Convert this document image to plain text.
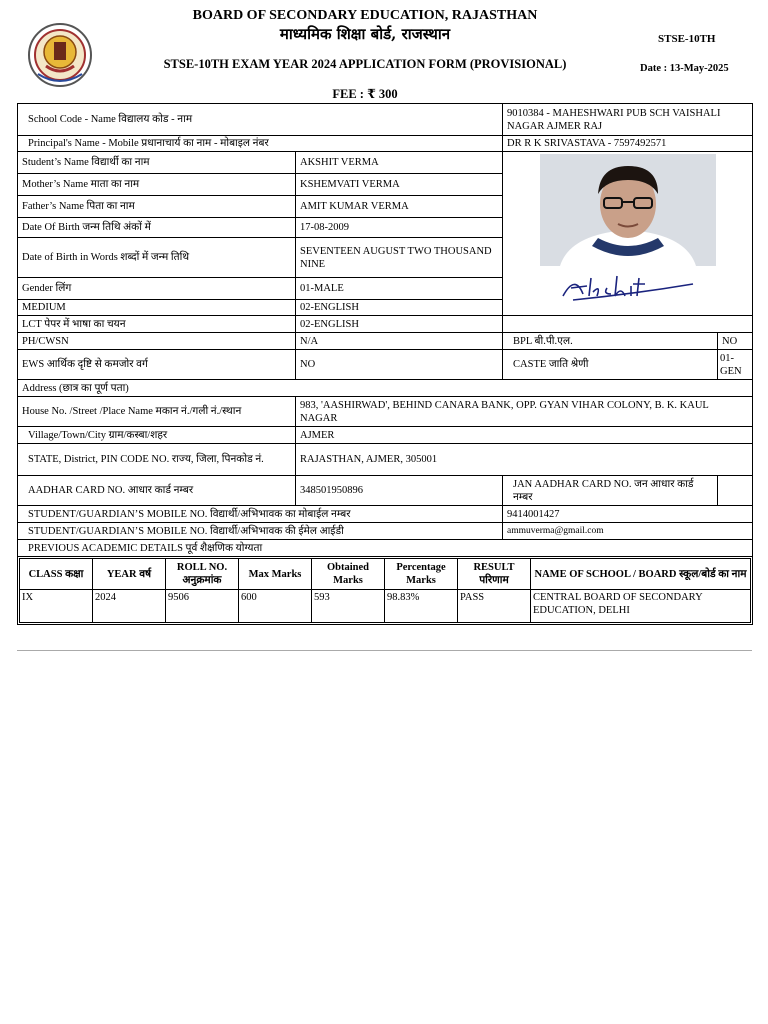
BOARD OF SECONDARY EDUCATION, RAJASTHAN
माध्यमिक शिक्षा बोर्ड, राजस्थान
STSE-10TH EXAM YEAR 2024 APPLICATION FORM (PROVISIONAL)
FEE : ₹ 300
STSE-10TH
Date : 13-May-2025
School Code - Name विद्यालय कोड - नाम	9010384 - MAHESHWARI PUB SCH VAISHALI NAGAR AJMER RAJ
Principal's Name - Mobile प्रधानाचार्य का नाम - मोबाइल नंबर	DR R K SRIVASTAVA - 7597492571
Student’s Name विद्यार्थी का नाम	AKSHIT VERMA	

Mother’s Name माता का नाम	KSHEMVATI VERMA
Father’s Name पिता का नाम	AMIT KUMAR VERMA
Date Of Birth जन्म तिथि अंकों में	17-08-2009
Date of Birth in Words शब्दों में जन्म तिथि	SEVENTEEN AUGUST TWO THOUSAND NINE
Gender लिंग	01-MALE
MEDIUM	02-ENGLISH
LCT पेपर में भाषा का चयन	02-ENGLISH	
PH/CWSN	N/A	BPL बी.पी.एल.	NO
EWS आर्थिक दृष्टि से कमजोर वर्ग	NO	CASTE जाति श्रेणी	01-GEN
Address (छात्र का पूर्ण पता)
House No. /Street /Place Name मकान नं./गली नं./स्थान	983, 'AASHIRWAD', BEHIND CANARA BANK, OPP. GYAN VIHAR COLONY, B. K. KAUL NAGAR
Village/Town/City ग्राम/कस्बा/शहर	AJMER
STATE, District, PIN CODE NO. राज्य, जिला, पिनकोड नं.	RAJASTHAN, AJMER, 305001
AADHAR CARD NO. आधार कार्ड नम्बर	348501950896	JAN AADHAR CARD NO. जन आधार कार्ड नम्बर	
STUDENT/GUARDIAN’S MOBILE NO. विद्यार्थी/अभिभावक का मोबाईल नम्बर	9414001427
STUDENT/GUARDIAN’S MOBILE NO. विद्यार्थी/अभिभावक की ईमेल आईडी	ammuverma@gmail.com
PREVIOUS ACADEMIC DETAILS पूर्व शैक्षणिक योग्यता

CLASS कक्षा	YEAR वर्ष	ROLL NO. अनुक्रमांक	Max Marks	Obtained Marks	Percentage Marks	RESULT परिणाम	NAME OF SCHOOL / BOARD स्कूल/बोर्ड का नाम
IX	2024	9506	600	593	98.83%	PASS	CENTRAL BOARD OF SECONDARY EDUCATION, DELHI
